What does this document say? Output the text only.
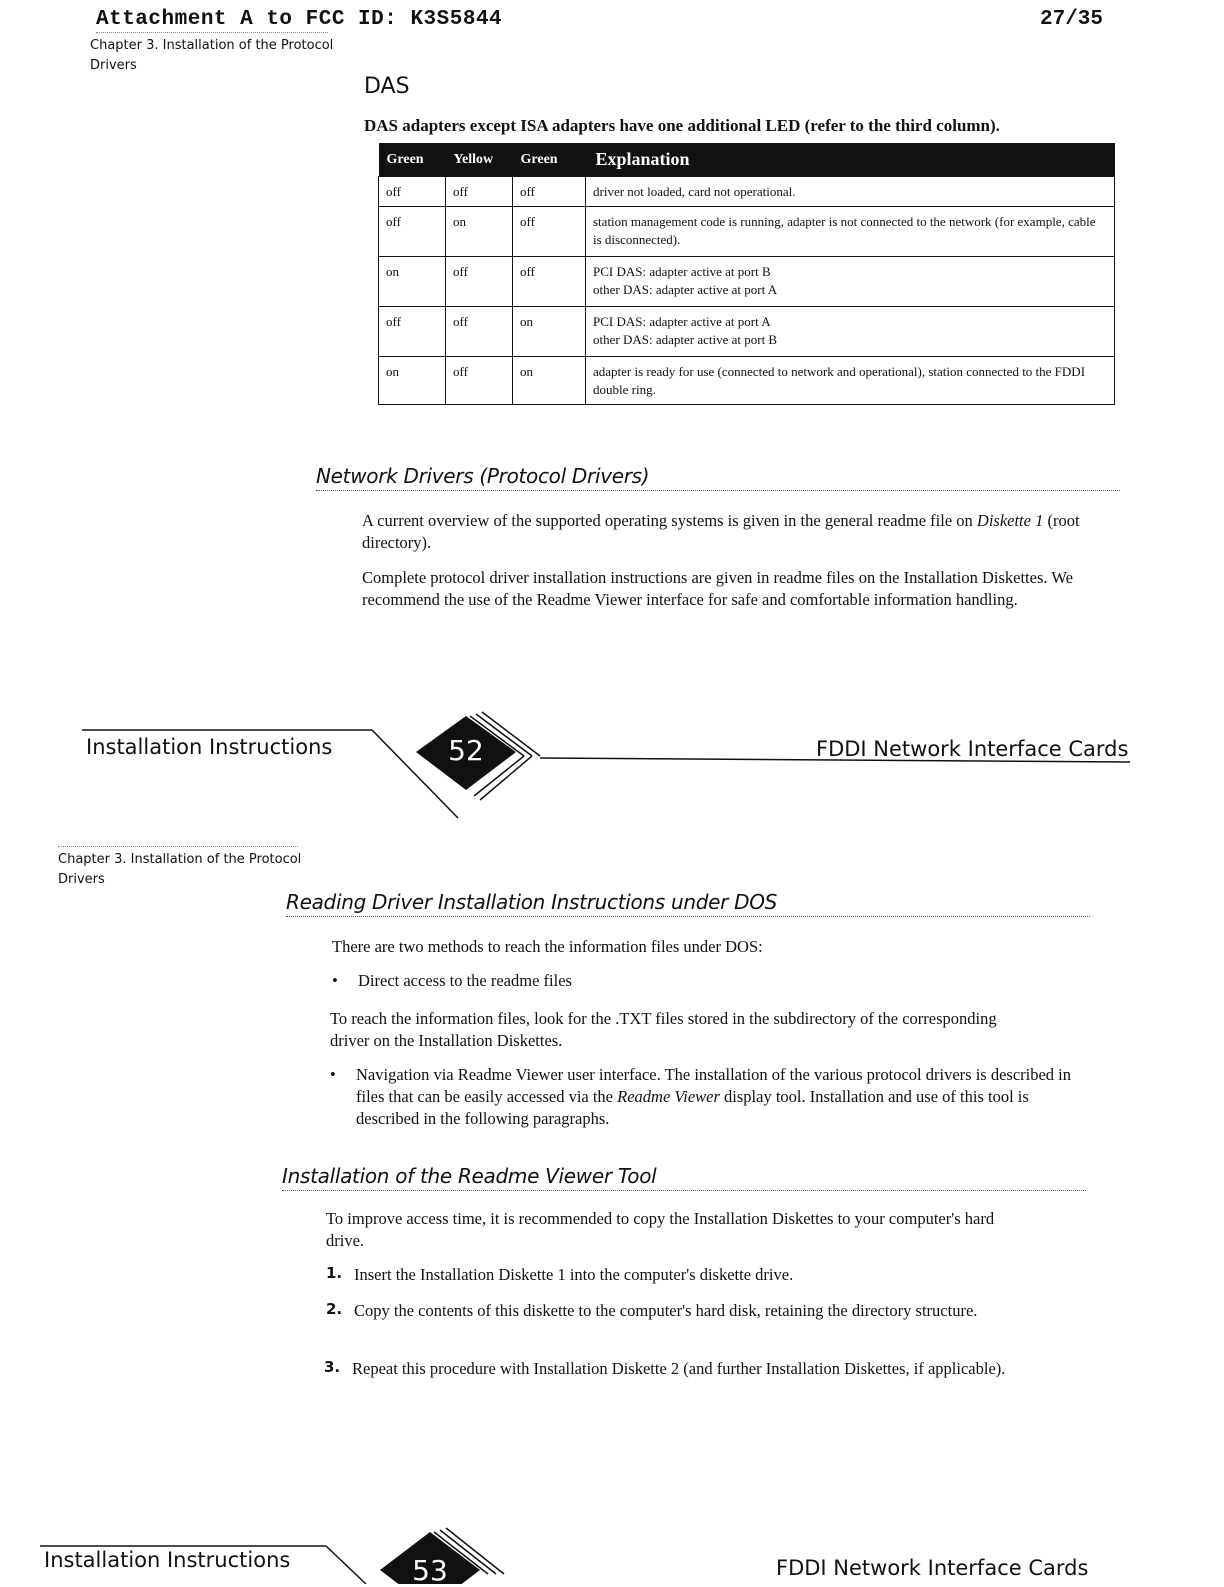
Attachment A to FCC ID: K3S5844	27/35
Chapter 3. Installation of the Protocol Drivers
DAS
DAS adapters except ISA adapters have one additional LED (refer to the third column).
Green	Yellow	Green	Explanation
off	off	off	driver not loaded, card not operational.
off	on	off	station management code is running, adapter is not connected to the network (for example, cable is disconnected).
on	off	off	PCI DAS: adapter active at port B
other DAS: adapter active at port A
off	off	on	PCI DAS: adapter active at port A
other DAS: adapter active at port B
on	off	on	adapter is ready for use (connected to network and operational), station connected to the FDDI double ring.
Network Drivers (Protocol Drivers)
A current overview of the supported operating systems is given in the general readme file on Diskette 1 (root directory).
Complete protocol driver installation instructions are given in readme files on the Installation Diskettes. We recommend the use of the Readme Viewer interface for safe and comfortable information handling.
Installation Instructions	FDDI Network Interface Cards
52
Chapter 3. Installation of the Protocol Drivers
Reading Driver Installation Instructions under DOS
There are two methods to reach the information files under DOS:
• Direct access to the readme files
To reach the information files, look for the .TXT files stored in the subdirectory of the corresponding driver on the Installation Diskettes.
• Navigation via Readme Viewer user interface. The installation of the various protocol drivers is described in files that can be easily accessed via the Readme Viewer display tool. Installation and use of this tool is described in the following paragraphs.
Installation of the Readme Viewer Tool
To improve access time, it is recommended to copy the Installation Diskettes to your computer's hard drive.
1. Insert the Installation Diskette 1 into the computer's diskette drive.
2. Copy the contents of this diskette to the computer's hard disk, retaining the directory structure.
3. Repeat this procedure with Installation Diskette 2 (and further Installation Diskettes, if applicable).
Installation Instructions	FDDI Network Interface Cards
53
